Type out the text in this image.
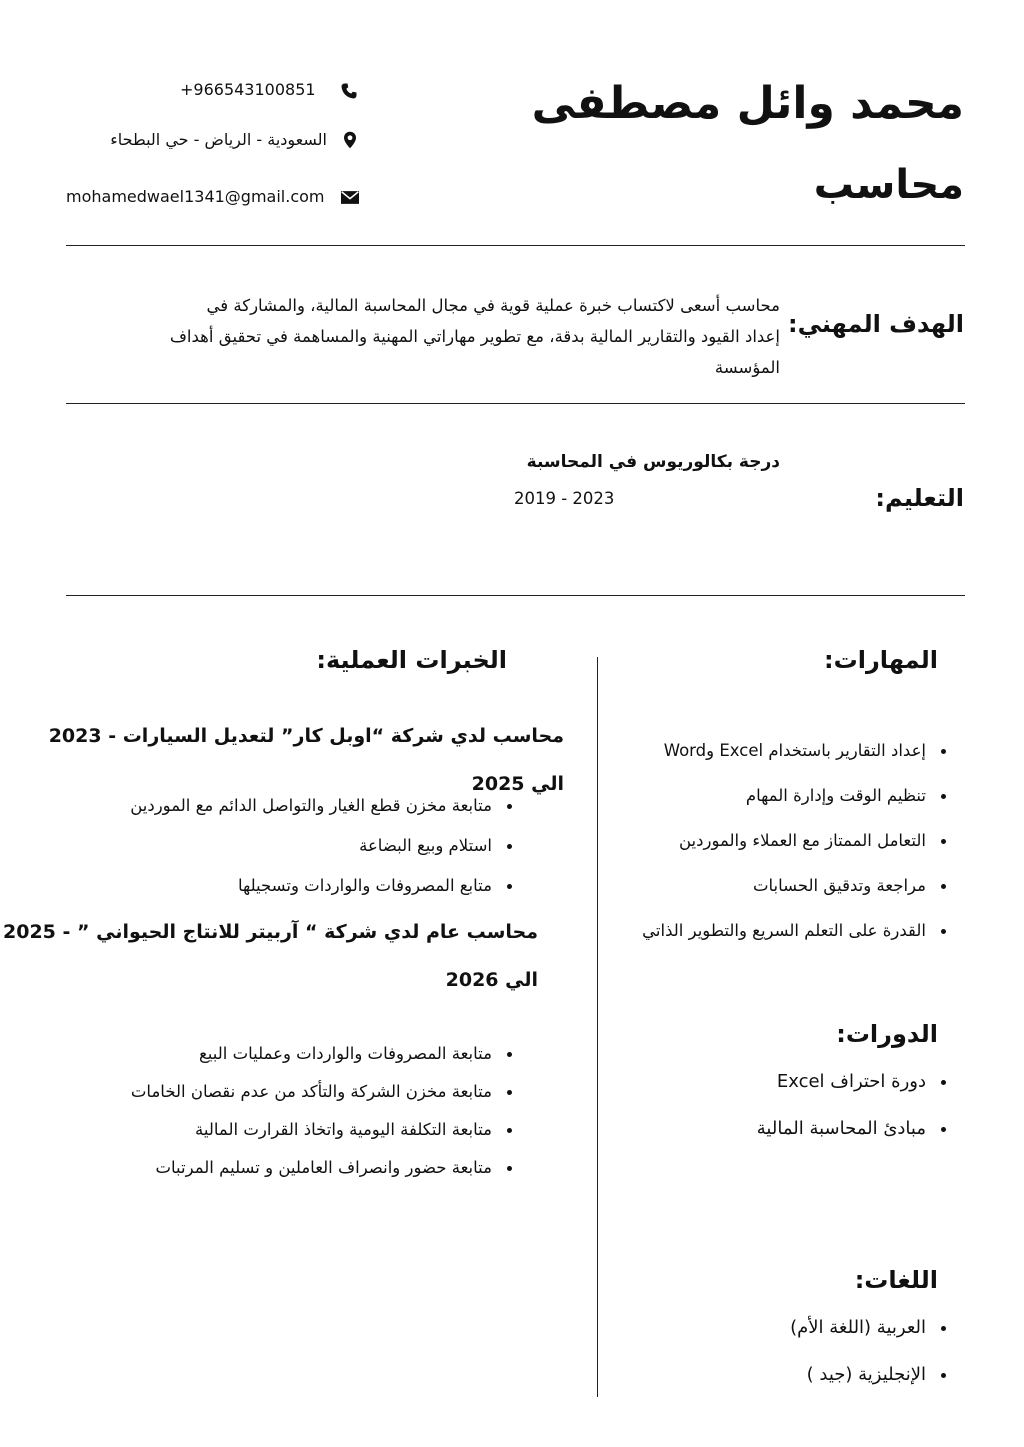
محمد وائل مصطفى
محاسب
+966543100851
السعودية - الرياض - حي البطحاء
mohamedwael1341@gmail.com
الهدف المهني:
محاسب أسعى لاكتساب خبرة عملية قوية في مجال المحاسبة المالية، والمشاركة في
إعداد القيود والتقارير المالية بدقة، مع تطوير مهاراتي المهنية والمساهمة في تحقيق أهداف
المؤسسة
التعليم:
درجة بكالوريوس في المحاسبة
2019 - 2023
المهارات:
إعداد التقارير باستخدام Excel وWord
تنظيم الوقت وإدارة المهام
التعامل الممتاز مع العملاء والموردين
مراجعة وتدقيق الحسابات
القدرة على التعلم السريع والتطوير الذاتي
الدورات:
دورة احتراف Excel
مبادئ المحاسبة المالية
اللغات:
العربية (اللغة الأم)
الإنجليزية (جيد )
الخبرات العملية:
محاسب لدي شركة “اوبل كار” لتعديل السيارات - 2023 الي 2025
متابعة مخزن قطع الغيار والتواصل الدائم مع الموردين
استلام وبيع البضاعة
متابع المصروفات والواردات وتسجيلها
محاسب عام لدي شركة “ آربيتر للانتاج الحيواني ” - 2025 الي 2026
متابعة المصروفات والواردات وعمليات البيع
متابعة مخزن الشركة والتأكد من عدم نقصان الخامات
متابعة التكلفة اليومية واتخاذ القرارت المالية
متابعة حضور وانصراف العاملين و تسليم المرتبات
